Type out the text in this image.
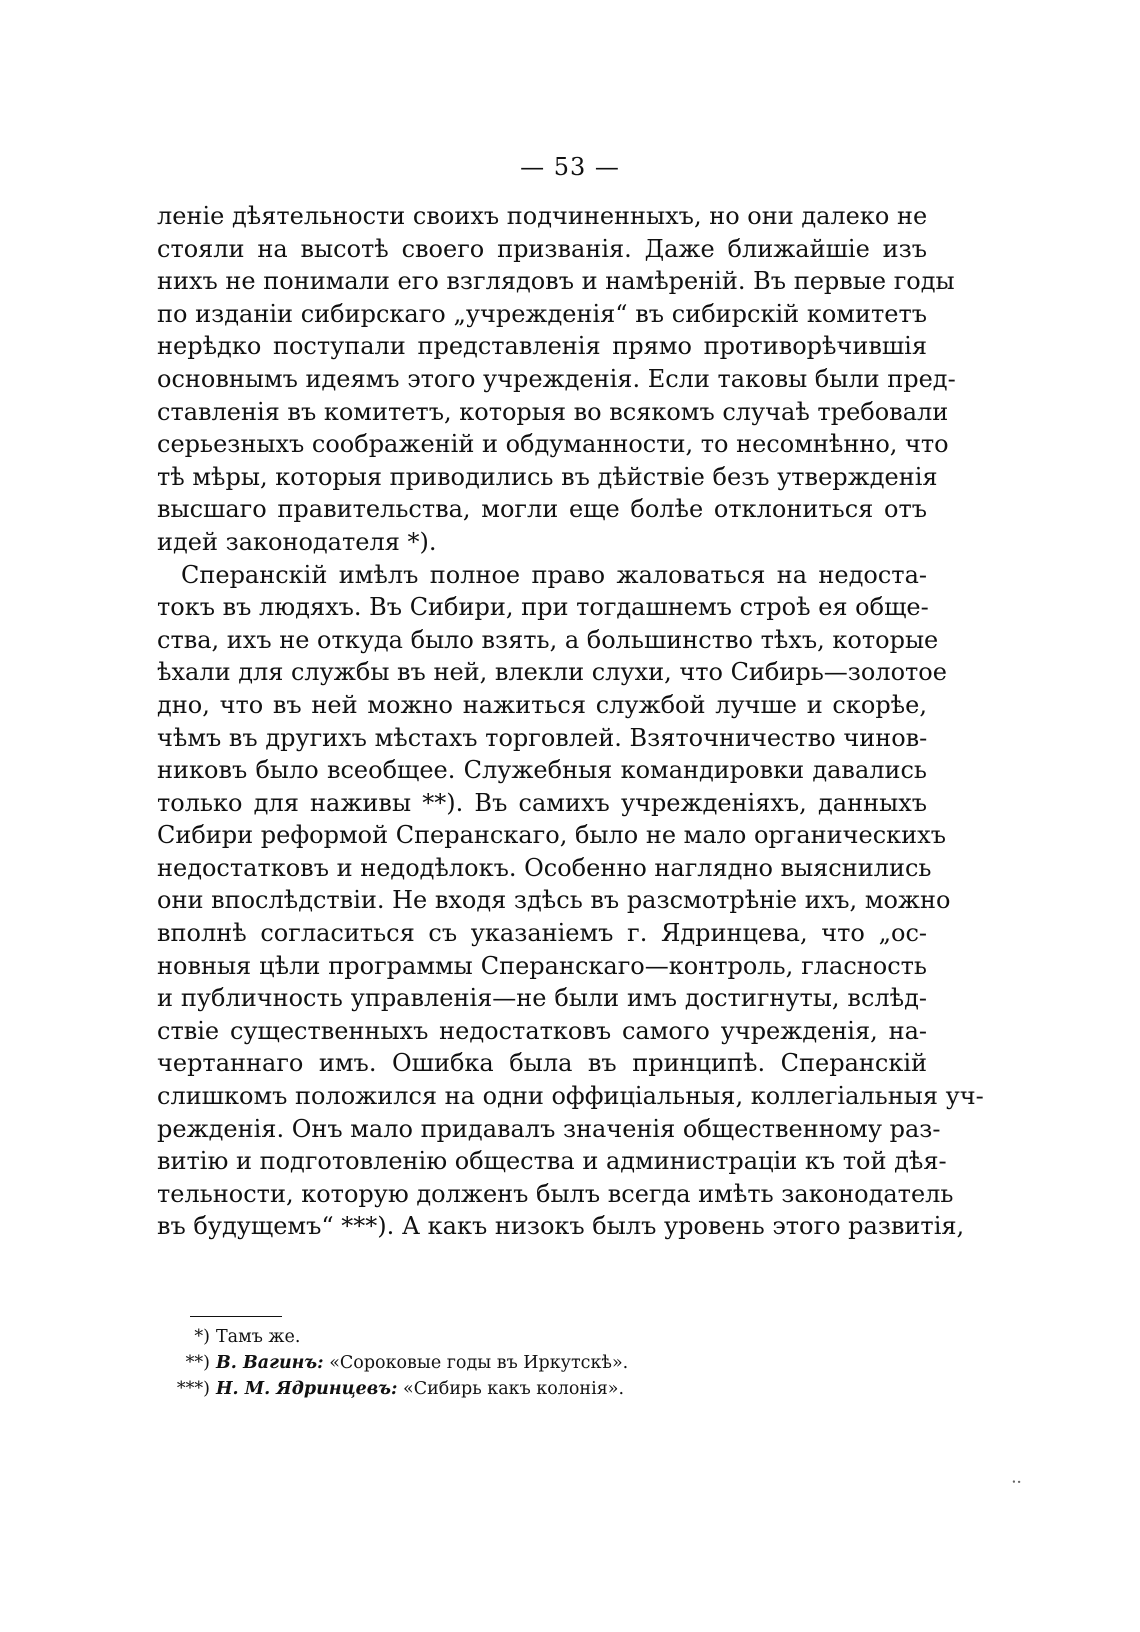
— 53 —
леніе дѣятельности своихъ подчиненныхъ, но они далеко не
стояли на высотѣ своего призванія. Даже ближайшіе изъ
нихъ не понимали его взглядовъ и намѣреній. Въ первые годы
по изданіи сибирскаго „учрежденія“ въ сибирскій комитетъ
нерѣдко поступали представленія прямо противорѣчившія
основнымъ идеямъ этого учрежденія. Если таковы были пред-
ставленія въ комитетъ, которыя во всякомъ случаѣ требовали
серьезныхъ соображеній и обдуманности, то несомнѣнно, что
тѣ мѣры, которыя приводились въ дѣйствіе безъ утвержденія
высшаго правительства, могли еще болѣе отклониться отъ
идей законодателя *).
Сперанскій имѣлъ полное право жаловаться на недоста-
токъ въ людяхъ. Въ Сибири, при тогдашнемъ строѣ ея обще-
ства, ихъ не откуда было взять, а большинство тѣхъ, которые
ѣхали для службы въ ней, влекли слухи, что Сибирь—золотое
дно, что въ ней можно нажиться службой лучше и скорѣе,
чѣмъ въ другихъ мѣстахъ торговлей. Взяточничество чинов-
никовъ было всеобщее. Служебныя командировки давались
только для наживы **). Въ самихъ учрежденіяхъ, данныхъ
Сибири реформой Сперанскаго, было не мало органическихъ
недостатковъ и недодѣлокъ. Особенно наглядно выяснились
они впослѣдствіи. Не входя здѣсь въ разсмотрѣніе ихъ, можно
вполнѣ согласиться съ указаніемъ г. Ядринцева, что „ос-
новныя цѣли программы Сперанскаго—контроль, гласность
и публичность управленія—не были имъ достигнуты, вслѣд-
ствіе существенныхъ недостатковъ самого учрежденія, на-
чертаннаго имъ. Ошибка была въ принципѣ. Сперанскій
слишкомъ положился на одни оффиціальныя, коллегіальныя уч-
режденія. Онъ мало придавалъ значенія общественному раз-
витію и подготовленію общества и администраціи къ той дѣя-
тельности, которую долженъ былъ всегда имѣть законодатель
въ будущемъ“ ***). А какъ низокъ былъ уровень этого развитія,
*) Тамъ же.
**) В. Вагинъ: «Сороковые годы въ Иркутскѣ».
***) Н. М. Ядринцевъ: «Сибирь какъ колонія».
⸱·
